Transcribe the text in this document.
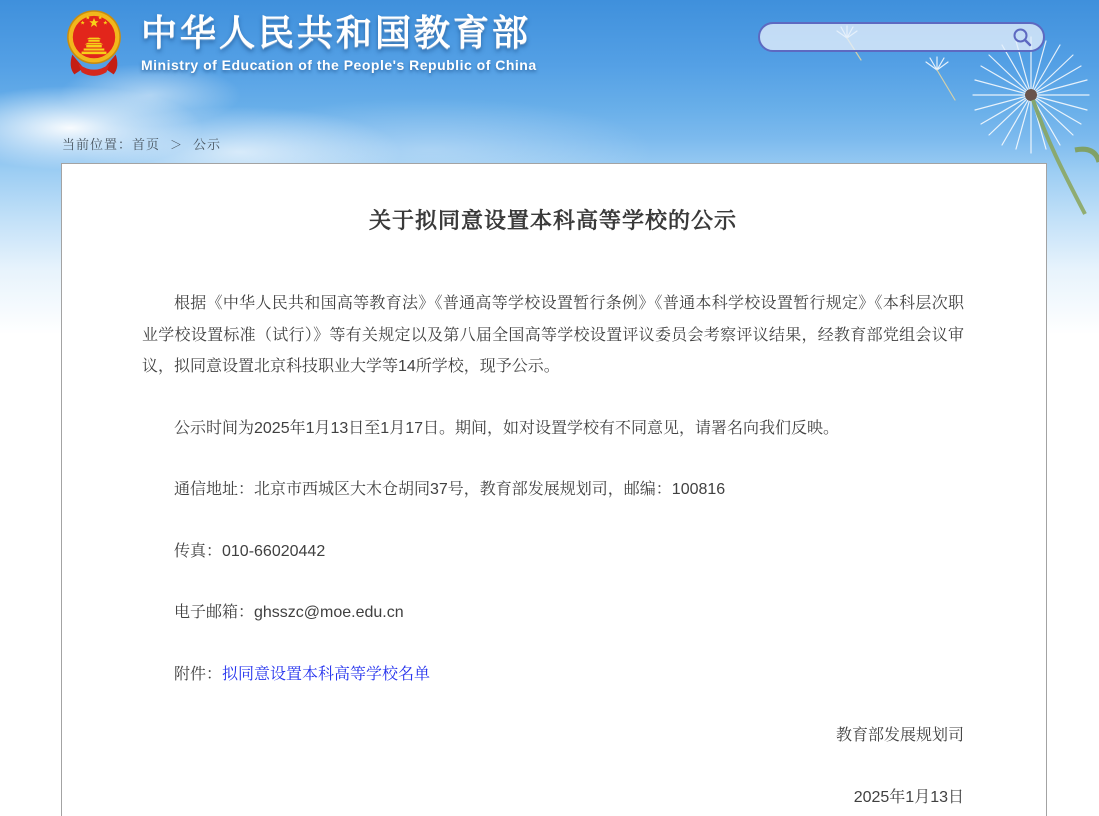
中华人民共和国教育部
Ministry of Education of the People's Republic of China
当前位置：首页 ＞ 公示
关于拟同意设置本科高等学校的公示

根据《中华人民共和国高等教育法》《普通高等学校设置暂行条例》《普通本科学校设置暂行规定》《本科层次职业学校设置标准（试行）》等有关规定以及第八届全国高等学校设置评议委员会考察评议结果，经教育部党组会议审议，拟同意设置北京科技职业大学等14所学校，现予公示。

公示时间为2025年1月13日至1月17日。期间，如对设置学校有不同意见，请署名向我们反映。

通信地址：北京市西城区大木仓胡同37号，教育部发展规划司，邮编：100816

传真：010-66020442

电子邮箱：ghsszc@moe.edu.cn

附件：拟同意设置本科高等学校名单

教育部发展规划司

2025年1月13日
